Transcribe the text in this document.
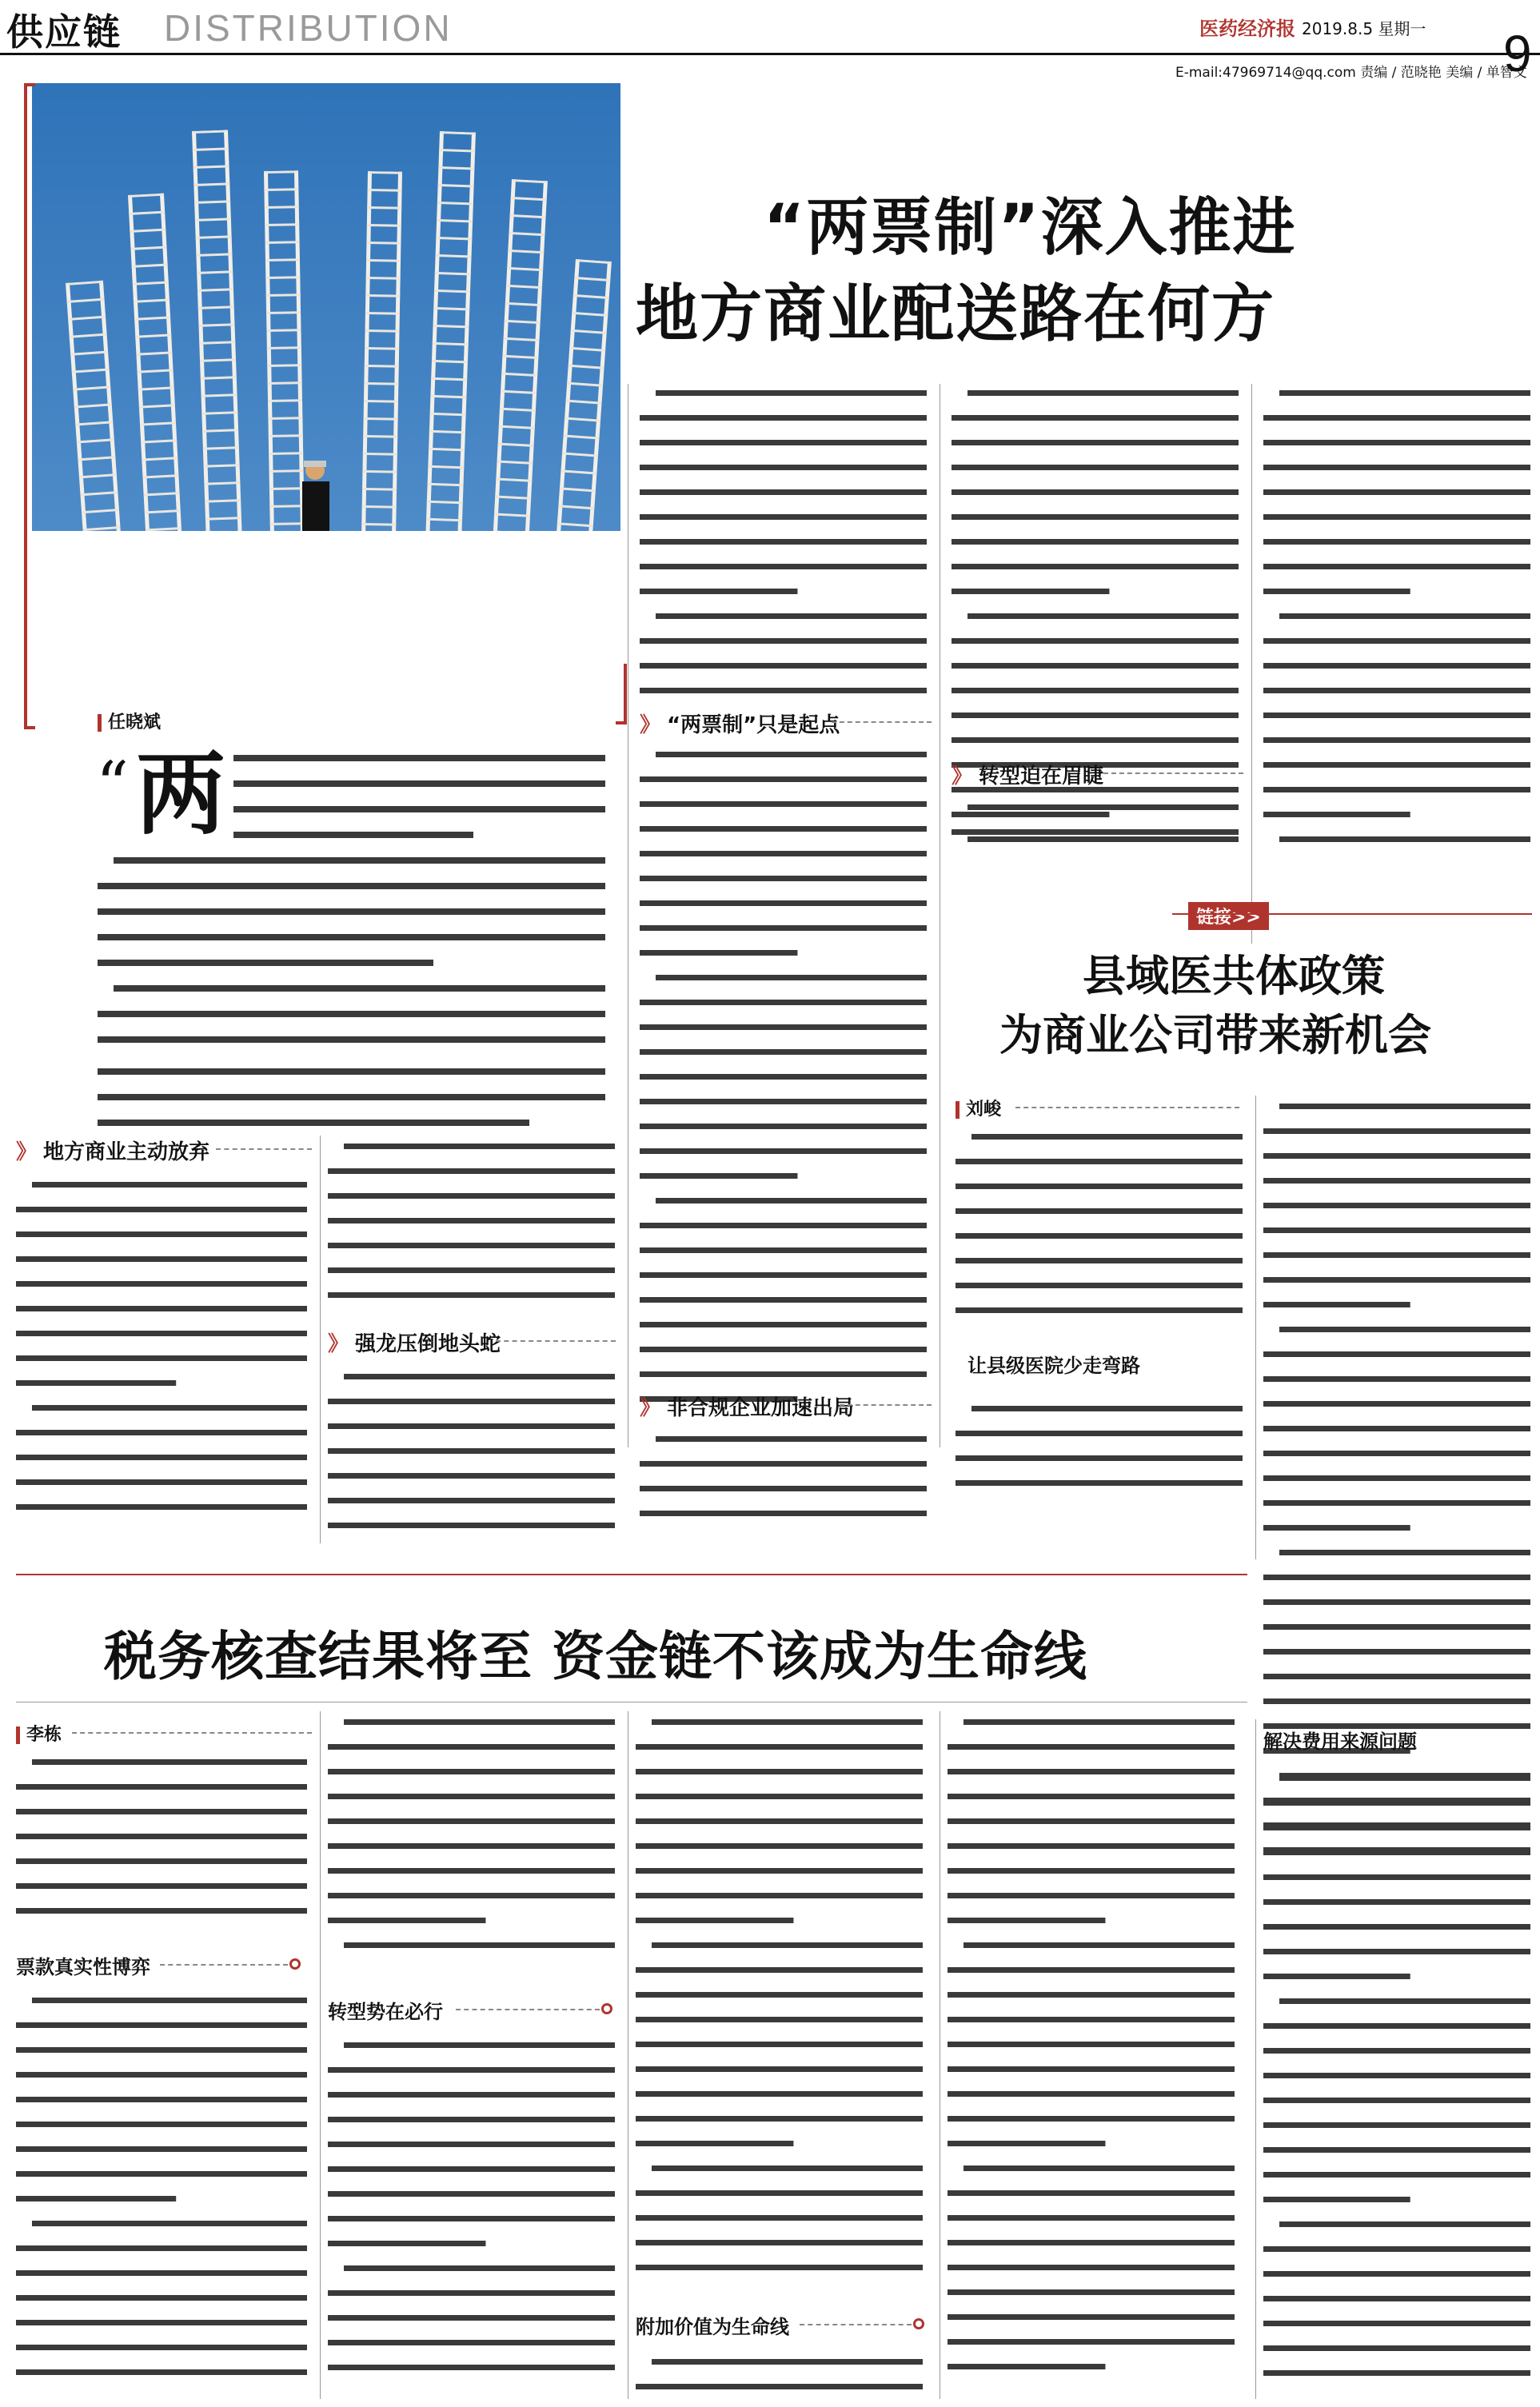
供应链 DISTRIBUTION	医药经济报 2019.8.5 星期一
E-mail:47969714@qq.com 责编 / 范晓艳 美编 / 单智文
9
“两票制”深入推进
地方商业配送路在何方
任晓斌
“ 两
》 “两票制”只是起点
》 转型迫在眉睫
》 非合规企业加速出局
》 地方商业主动放弃
》 强龙压倒地头蛇
链接>>
县域医共体政策
为商业公司带来新机会
刘峻
让县级医院少走弯路
税务核查结果将至 资金链不该成为生命线
李栋
票款真实性博弈
转型势在必行
附加价值为生命线
解决费用来源问题
